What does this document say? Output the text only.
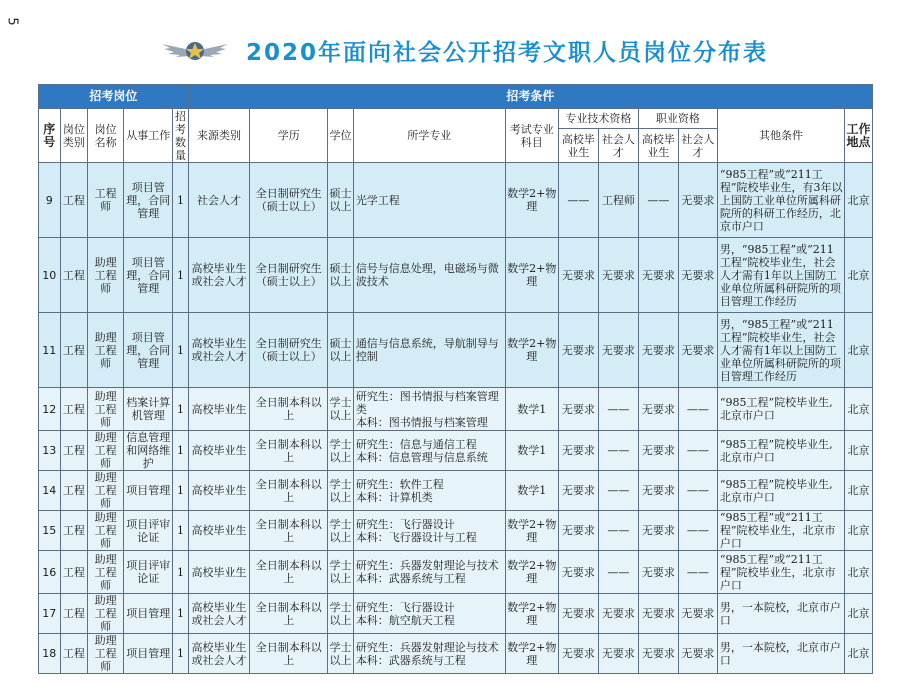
5
2020年面向社会公开招考文职人员岗位分布表
招考岗位					招考条件										
序号	岗位类别	岗位名称	从事工作	招考数量	来源类别	学历	学位	所学专业	考试专业科目	专业技术资格		职业资格		其他条件	工作地点
										高校毕业生	社会人才	高校毕业生	社会人才		
9	工程	工程师	项目管理，合同管理	1	社会人才	全日制研究生（硕士以上）	硕士以上	光学工程	数学2+物理	——	工程师	——	无要求	“985工程”或“211工程”院校毕业生，有3年以上国防工业单位所属科研院所的科研工作经历，北京市户口	北京
10	工程	助理工程师	项目管理，合同管理	1	高校毕业生或社会人才	全日制研究生（硕士以上）	硕士以上	信号与信息处理，电磁场与微波技术	数学2+物理	无要求	无要求	无要求	无要求	男，“985工程”或“211工程”院校毕业生，社会人才需有1年以上国防工业单位所属科研院所的项目管理工作经历	北京
11	工程	助理工程师	项目管理，合同管理	1	高校毕业生或社会人才	全日制研究生（硕士以上）	硕士以上	通信与信息系统，导航制导与控制	数学2+物理	无要求	无要求	无要求	无要求	男，“985工程”或“211工程”院校毕业生，社会人才需有1年以上国防工业单位所属科研院所的项目管理工作经历	北京
12	工程	助理工程师	档案计算机管理	1	高校毕业生	全日制本科以上	学士以上	研究生：图书情报与档案管理类
本科：图书情报与档案管理	数学1	无要求	——	无要求	——	“985工程”院校毕业生, 北京市户口	北京
13	工程	助理工程师	信息管理和网络维护	1	高校毕业生	全日制本科以上	学士以上	研究生：信息与通信工程
本科：信息管理与信息系统	数学1	无要求	——	无要求	——	“985工程”院校毕业生, 北京市户口	北京
14	工程	助理工程师	项目管理	1	高校毕业生	全日制本科以上	学士以上	研究生：软件工程
本科：计算机类	数学1	无要求	——	无要求	——	“985工程”院校毕业生, 北京市户口	北京
15	工程	助理工程师	项目评审论证	1	高校毕业生	全日制本科以上	学士以上	研究生：飞行器设计
本科：飞行器设计与工程	数学2+物理	无要求	——	无要求	——	“985工程”或“211工程”院校毕业生，北京市户口	北京
16	工程	助理工程师	项目评审论证	1	高校毕业生	全日制本科以上	学士以上	研究生：兵器发射理论与技术
本科：武器系统与工程	数学2+物理	无要求	——	无要求	——	“985工程”或“211工程”院校毕业生，北京市户口	北京
17	工程	助理工程师	项目管理	1	高校毕业生或社会人才	全日制本科以上	学士以上	研究生：飞行器设计
本科：航空航天工程	数学2+物理	无要求	无要求	无要求	无要求	男，一本院校，北京市户口	北京
18	工程	助理工程师	项目管理	1	高校毕业生或社会人才	全日制本科以上	学士以上	研究生：兵器发射理论与技术
本科：武器系统与工程	数学2+物理	无要求	无要求	无要求	无要求	男，一本院校，北京市户口	北京
